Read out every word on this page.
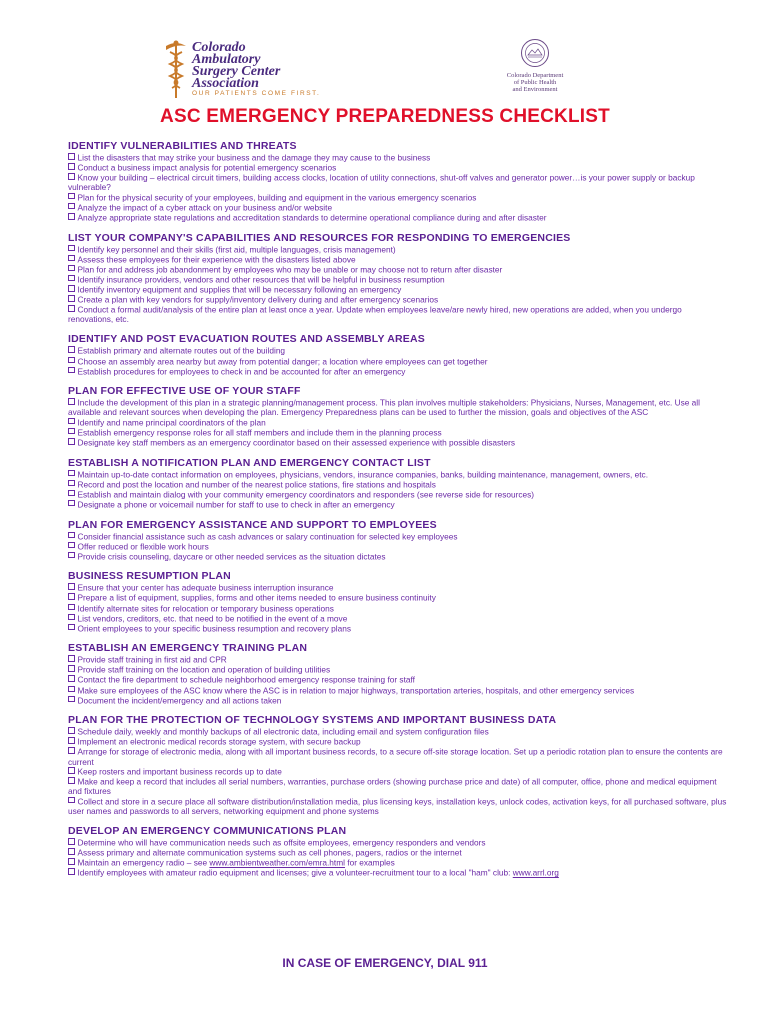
Colorado
Ambulatory
Surgery Center
Association
OUR PATIENTS COME FIRST.
Colorado Department
of Public Health
and Environment
ASC EMERGENCY PREPAREDNESS CHECKLIST
IDENTIFY VULNERABILITIES AND THREATS
List the disasters that may strike your business and the damage they may cause to the business
Conduct a business impact analysis for potential emergency scenarios
Know your building – electrical circuit timers, building access clocks, location of utility connections, shut-off valves and generator power…is your power supply or backup vulnerable?
Plan for the physical security of your employees, building and equipment in the various emergency scenarios
Analyze the impact of a cyber attack on your business and/or website
Analyze appropriate state regulations and accreditation standards to determine operational compliance during and after disaster
LIST YOUR COMPANY'S CAPABILITIES AND RESOURCES FOR RESPONDING TO EMERGENCIES
Identify key personnel and their skills (first aid, multiple languages, crisis management)
Assess these employees for their experience with the disasters listed above
Plan for and address job abandonment by employees who may be unable or may choose not to return after disaster
Identify insurance providers, vendors and other resources that will be helpful in business resumption
Identify inventory equipment and supplies that will be necessary following an emergency
Create a plan with key vendors for supply/inventory delivery during and after emergency scenarios
Conduct a formal audit/analysis of the entire plan at least once a year. Update when employees leave/are newly hired, new operations are added, when you undergo renovations, etc.
IDENTIFY AND POST EVACUATION ROUTES AND ASSEMBLY AREAS
Establish primary and alternate routes out of the building
Choose an assembly area nearby but away from potential danger; a location where employees can get together
Establish procedures for employees to check in and be accounted for after an emergency
PLAN FOR EFFECTIVE USE OF YOUR STAFF
Include the development of this plan in a strategic planning/management process. This plan involves multiple stakeholders: Physicians, Nurses, Management, etc. Use all available and relevant sources when developing the plan. Emergency Preparedness plans can be used to further the mission, goals and objectives of the ASC
Identify and name principal coordinators of the plan
Establish emergency response roles for all staff members and include them in the planning process
Designate key staff members as an emergency coordinator based on their assessed experience with possible disasters
ESTABLISH A NOTIFICATION PLAN AND EMERGENCY CONTACT LIST
Maintain up-to-date contact information on employees, physicians, vendors, insurance companies, banks, building maintenance, management, owners, etc.
Record and post the location and number of the nearest police stations, fire stations and hospitals
Establish and maintain dialog with your community emergency coordinators and responders (see reverse side for resources)
Designate a phone or voicemail number for staff to use to check in after an emergency
PLAN FOR EMERGENCY ASSISTANCE AND SUPPORT TO EMPLOYEES
Consider financial assistance such as cash advances or salary continuation for selected key employees
Offer reduced or flexible work hours
Provide crisis counseling, daycare or other needed services as the situation dictates
BUSINESS RESUMPTION PLAN
Ensure that your center has adequate business interruption insurance
Prepare a list of equipment, supplies, forms and other items needed to ensure business continuity
Identify alternate sites for relocation or temporary business operations
List vendors, creditors, etc. that need to be notified in the event of a move
Orient employees to your specific business resumption and recovery plans
ESTABLISH AN EMERGENCY TRAINING PLAN
Provide staff training in first aid and CPR
Provide staff training on the location and operation of building utilities
Contact the fire department to schedule neighborhood emergency response training for staff
Make sure employees of the ASC know where the ASC is in relation to major highways, transportation arteries, hospitals, and other emergency services
Document the incident/emergency and all actions taken
PLAN FOR THE PROTECTION OF TECHNOLOGY SYSTEMS AND IMPORTANT BUSINESS DATA
Schedule daily, weekly and monthly backups of all electronic data, including email and system configuration files
Implement an electronic medical records storage system, with secure backup
Arrange for storage of electronic media, along with all important business records, to a secure off-site storage location. Set up a periodic rotation plan to ensure the contents are current
Keep rosters and important business records up to date
Make and keep a record that includes all serial numbers, warranties, purchase orders (showing purchase price and date) of all computer, office, phone and medical equipment and fixtures
Collect and store in a secure place all software distribution/installation media, plus licensing keys, installation keys, unlock codes, activation keys, for all purchased software, plus user names and passwords to all servers, networking equipment and phone systems
DEVELOP AN EMERGENCY COMMUNICATIONS PLAN
Determine who will have communication needs such as offsite employees, emergency responders and vendors
Assess primary and alternate communication systems such as cell phones, pagers, radios or the internet
Maintain an emergency radio – see www.ambientweather.com/emra.html for examples
Identify employees with amateur radio equipment and licenses; give a volunteer-recruitment tour to a local "ham" club: www.arrl.org
IN CASE OF EMERGENCY, DIAL 911
